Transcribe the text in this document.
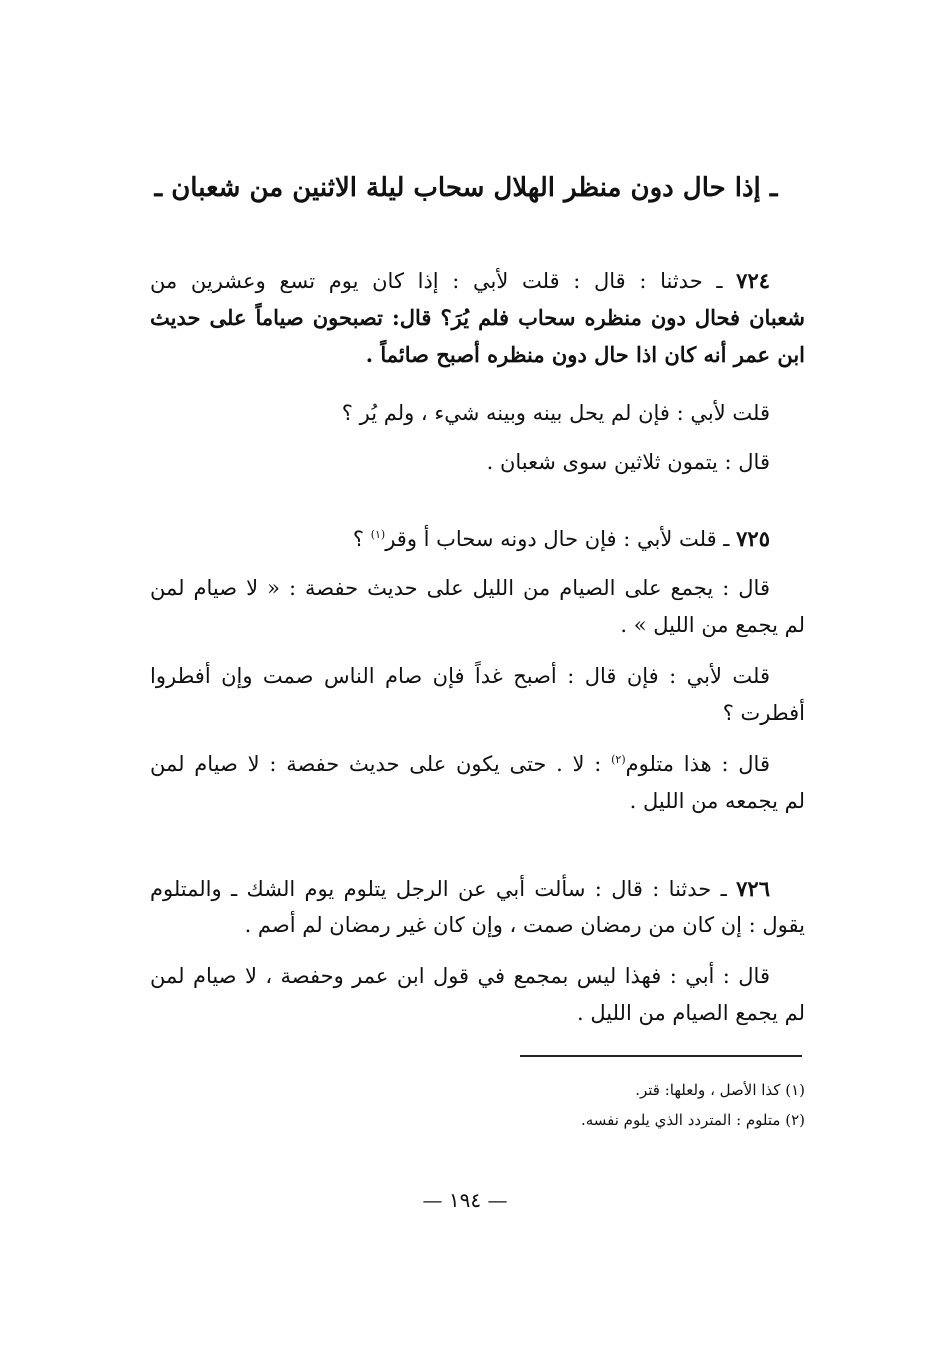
ـ إذا حال دون منظر الهلال سحاب ليلة الاثنين من شعبان ـ
٧٢٤ ـ حدثنا : قال : قلت لأبي : إذا كان يوم تسع وعشرين من
شعبان فحال دون منظره سحاب فلم يُرَ؟ قال: تصبحون صياماً على حديث
ابن عمر أنه كان اذا حال دون منظره أصبح صائماً .
قلت لأبي : فإن لم يحل بينه وبينه شيء ، ولم يُر ؟
قال : يتمون ثلاثين سوى شعبان .
٧٢٥ ـ قلت لأبي : فإن حال دونه سحاب أ وقر$^{(١)}$ ؟
قال : يجمع على الصيام من الليل على حديث حفصة : « لا صيام لمن
لم يجمع من الليل » .
قلت لأبي : فإن قال : أصبح غداً فإن صام الناس صمت وإن أفطروا
أفطرت ؟
قال : هذا متلوم$^{(٢)}$ : لا . حتى يكون على حديث حفصة : لا صيام لمن
لم يجمعه من الليل .
٧٢٦ ـ حدثنا : قال : سألت أبي عن الرجل يتلوم يوم الشك ـ والمتلوم
يقول : إن كان من رمضان صمت ، وإن كان غير رمضان لم أصم .
قال : أبي : فهذا ليس بمجمع في قول ابن عمر وحفصة ، لا صيام لمن
لم يجمع الصيام من الليل .
(١) كذا الأصل ، ولعلها: قتر.
(٢) متلوم : المتردد الذي يلوم نفسه.
— ١٩٤ —
